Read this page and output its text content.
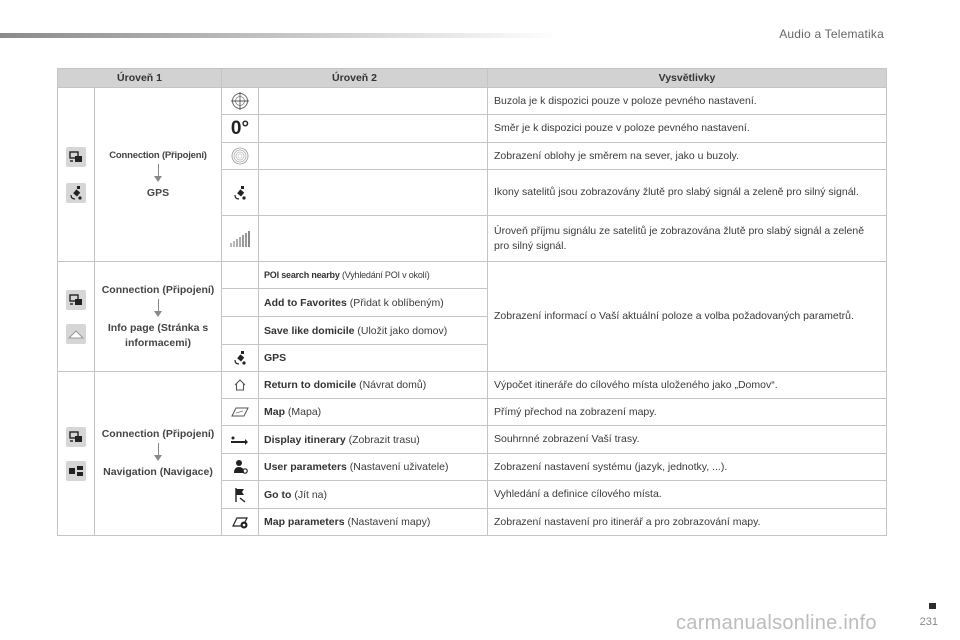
Audio a Telematika
Úroveň 1		Úroveň 2		Vysvětlivky

Connection (Připojení)
GPS			Buzola je k dispozici pouze v poloze pevného nastavení.
		0°		Směr je k dispozici pouze v poloze pevného nastavení.

		Zobrazení oblohy je směrem na sever, jako u buzoly.

		Ikony satelitů jsou zobrazovány žlutě pro slabý signál a zeleně pro silný signál.

		Úroveň příjmu signálu ze satelitů je zobrazována žlutě pro slabý signál a zeleně pro silný signál.

Connection (Připojení)
Info page (Stránka s informacemi)		POI search nearby (Vyhledání POI v okolí)	Zobrazení informací o Vaší aktuální poloze a volba požadovaných parametrů.
			Add to Favorites (Přidat k oblíbeným)	
			Save like domicile (Uložit jako domov)	

	GPS	

Connection (Připojení)
Navigation (Navigace)		Return to domicile (Návrat domů)	Výpočet itineráře do cílového místa uloženého jako „Domov“.

	Map (Mapa)	Přímý přechod na zobrazení mapy.

	Display itinerary (Zobrazit trasu)	Souhrnné zobrazení Vaší trasy.

	User parameters (Nastavení uživatele)	Zobrazení nastavení systému (jazyk, jednotky, ...).

	Go to (Jít na)	Vyhledání a definice cílového místa.

	Map parameters (Nastavení mapy)	Zobrazení nastavení pro itinerář a pro zobrazování mapy.
231
carmanualsonline.info
